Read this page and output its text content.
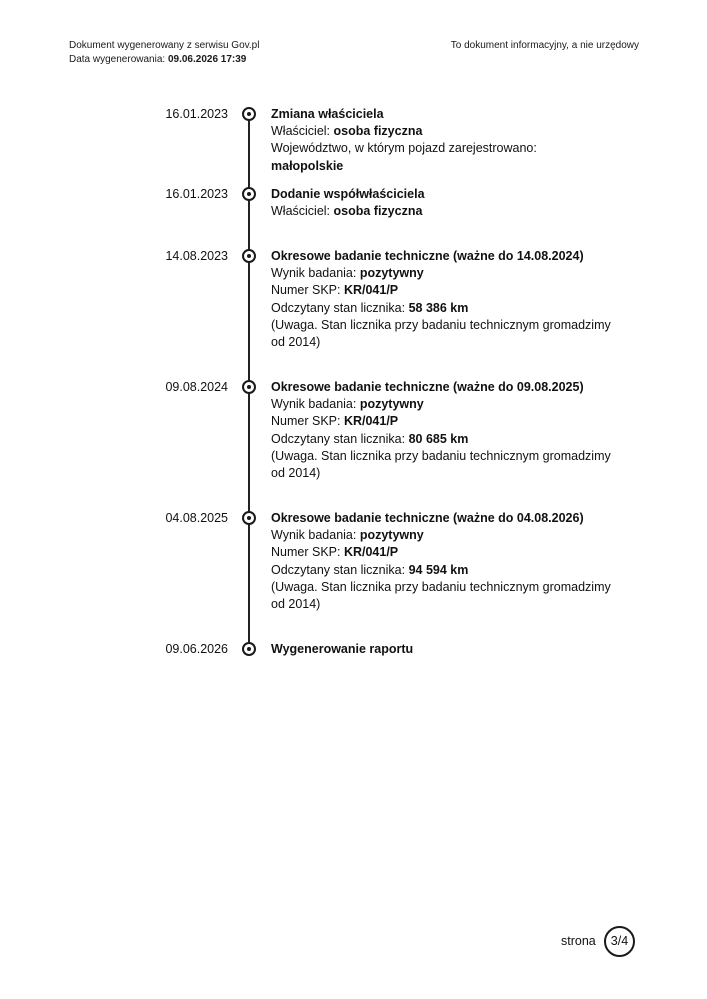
Dokument wygenerowany z serwisu Gov.pl
Data wygenerowania: 09.06.2026 17:39
To dokument informacyjny, a nie urzędowy
16.01.2023	Zmiana właściciela
Właściciel: osoba fizyczna
Województwo, w którym pojazd zarejestrowano: małopolskie
16.01.2023	Dodanie współwłaściciela
Właściciel: osoba fizyczna
14.08.2023	Okresowe badanie techniczne (ważne do 14.08.2024)
Wynik badania: pozytywny
Numer SKP: KR/041/P
Odczytany stan licznika: 58 386 km
(Uwaga. Stan licznika przy badaniu technicznym gromadzimy od 2014)
09.08.2024	Okresowe badanie techniczne (ważne do 09.08.2025)
Wynik badania: pozytywny
Numer SKP: KR/041/P
Odczytany stan licznika: 80 685 km
(Uwaga. Stan licznika przy badaniu technicznym gromadzimy od 2014)
04.08.2025	Okresowe badanie techniczne (ważne do 04.08.2026)
Wynik badania: pozytywny
Numer SKP: KR/041/P
Odczytany stan licznika: 94 594 km
(Uwaga. Stan licznika przy badaniu technicznym gromadzimy od 2014)
09.06.2026	Wygenerowanie raportu
strona	3/4
